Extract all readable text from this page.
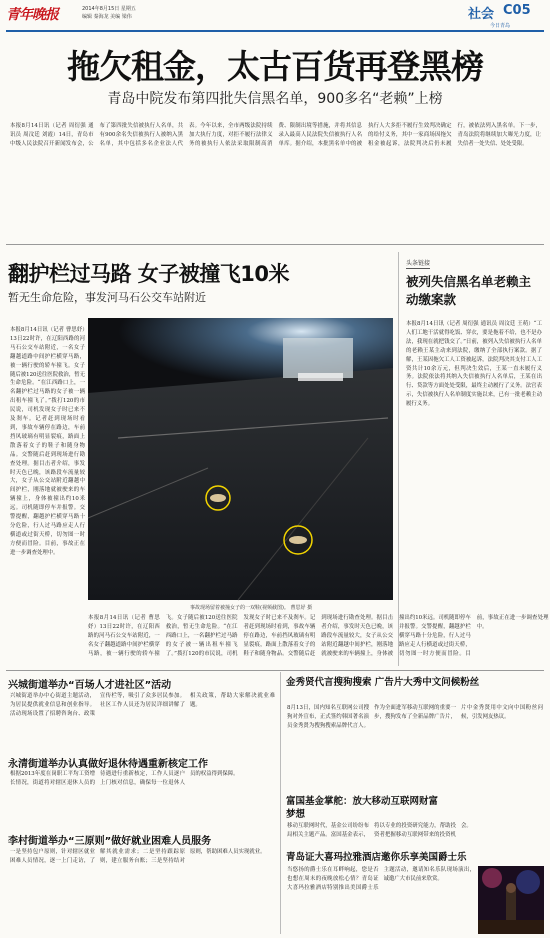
青年晚报	2014年8月15日 星期五
编辑 秦海龙 美编 梁伟	社会 C05
今日青岛
拖欠租金，太古百货再登黑榜
青岛中院发布第四批失信黑名单，900多名“老赖”上榜
本报8月14日讯（记者 周衍强 通讯员 周汶廷 刘霞）14日，青岛市中级人民法院召开新闻发布会，公布了第四批失信被执行人名单，共有900余名失信被执行人被纳入黑名单，其中包括多名企业法人代表。今年以来，全市两级法院持续加大执行力度，对拒不履行法律义务的被执行人依法采取限制高消费、限制出境等措施，并将其信息录入最高人民法院失信被执行人名单库。据介绍，本批黑名单中的被执行人大多拒不履行生效判决确定的给付义务，其中一家商场因拖欠租金被起诉，法院判决后仍未履行，被依法列入黑名单。下一步，青岛法院将继续加大曝光力度，让失信者一处失信、处处受限。
翻护栏过马路 女子被撞飞10米
暂无生命危险，事发河马石公交车站附近
本报8月14日讯（记者 曹思妤）13日22时许，在辽阳西路的河马石公交车站附近，一名女子翻越道路中间护栏横穿马路，被一辆行驶的轿车撞飞。女子随后被120送往医院救治，暂无生命危险。“在江西路口上，一名翻护栏过马路的女子被一辆出租车撞飞了。”拨打120的市民说，司机发现女子时已来不及刹车。记者赶到现场时看到，事故车辆停在路边，车前挡风玻璃有明显裂痕，路面上散落着女子的鞋子和随身物品。交警随后赶到现场进行勘查处理。据目击者介绍，事发时天色已晚，该路段车流量较大，女子从公交站附近翻越中间护栏，刚落地就被驶来的车辆撞上，身体被撞出约10米远。司机随即停车并报警。交警提醒，翻越护栏横穿马路十分危险，行人过马路应走人行横道或过街天桥，切勿图一时方便而冒险。目前，事故正在进一步调查处理中。
事故现场留着被撞女子的一双鞋(视频截图)。 曹思妤 摄
本报8月14日讯（记者 曹思妤）13日22时许，在辽阳西路的河马石公交车站附近，一名女子翻越道路中间护栏横穿马路，被一辆行驶的轿车撞飞。女子随后被120送往医院救治，暂无生命危险。“在江西路口上，一名翻护栏过马路的女子被一辆出租车撞飞了。”拨打120的市民说，司机发现女子时已来不及刹车。记者赶到现场时看到，事故车辆停在路边，车前挡风玻璃有明显裂痕，路面上散落着女子的鞋子和随身物品。交警随后赶到现场进行勘查处理。据目击者介绍，事发时天色已晚，该路段车流量较大，女子从公交站附近翻越中间护栏，刚落地就被驶来的车辆撞上，身体被撞出约10米远。司机随即停车并报警。交警提醒，翻越护栏横穿马路十分危险，行人过马路应走人行横道或过街天桥，切勿图一时方便而冒险。目前，事故正在进一步调查处理中。
头条链接
被列失信黑名单老赖主动缴案款
本报8月14日讯（记者 周衍强 通讯员 周汶廷 王萌）“工人们工地干活就得吃饭、穿衣，要是拖着不给，也不是办法，我现在就把钱交了。”日前，被列入失信被执行人名单的老赖王某主动来到法院，缴纳了全部执行案款。据了解，王某因拖欠工人工资被起诉，法院判决其支付工人工资共计10余万元，但判决生效后，王某一直未履行义务。法院依法将其纳入失信被执行人名单后，王某在出行、贷款等方面处处受限，最终主动履行了义务。法官表示，失信被执行人名单制度实施以来，已有一批老赖主动履行义务。
兴城街道举办“百场人才进社区”活动
兴城街道举办中心街道主题活动，为居民提供就业信息和创业指导。活动现场设置了招聘咨询台、政策宣传栏等，吸引了众多居民参加。社区工作人员还为居民详细讲解了相关政策，帮助大家解决就业难题。
永清街道举办认真做好退休待遇重新核定工作
根据2013年度在岗职工平均工资增长情况，街道将对辖区退休人员的待遇进行重新核定，工作人员逐户上门核对信息，确保每一位退休人员的权益得到保障。
李村街道举办“三原则”做好就业困难人员服务
一是坚持包户原则，针对辖区就业困难人员情况，逐一上门走访，了解其就业需求；二是坚持跟踪原则，建立服务台账；三是坚持结对原则，帮助困难人员实现就业。
金秀贤代言搜狗搜索 广告片大秀中文问候粉丝
8月13日，国内知名互联网公司搜狗对外宣布，正式签约韩国著名演员金秀贤为搜狗搜索品牌代言人。作为全面进军移动互联网的重要一步，搜狗发布了全新品牌广告片，片中金秀贤用中文向中国粉丝问候，引发网友热议。
富国基金掌舵：放大移动互联网财富梦想
移动互联网时代，基金公司纷纷布局相关主题产品。富国基金表示，将以专业的投资研究能力，帮助投资者把握移动互联网带来的投资机会。
青岛证大喜玛拉雅酒店邀你乐享美国爵士乐
当悠扬的爵士乐在耳畔响起，您是否也想在周末的夜晚放松心情？青岛证大喜玛拉雅酒店特别推出美国爵士乐主题活动，邀请知名乐队现场演出，诚邀广大市民前来欣赏。
